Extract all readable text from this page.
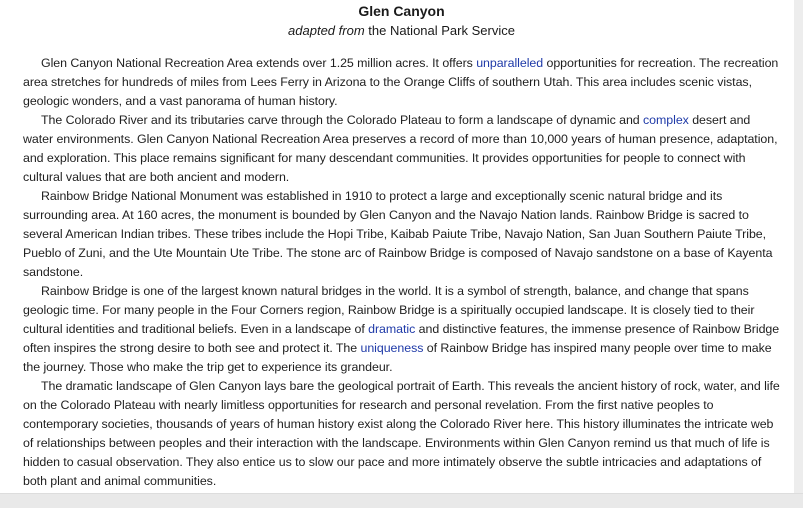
Glen Canyon

adapted from the National Park Service

Glen Canyon National Recreation Area extends over 1.25 million acres. It offers unparalleled opportunities for recreation. The recreation area stretches for hundreds of miles from Lees Ferry in Arizona to the Orange Cliffs of southern Utah. This area includes scenic vistas, geologic wonders, and a vast panorama of human history.

The Colorado River and its tributaries carve through the Colorado Plateau to form a landscape of dynamic and complex desert and water environments. Glen Canyon National Recreation Area preserves a record of more than 10,000 years of human presence, adaptation, and exploration. This place remains significant for many descendant communities. It provides opportunities for people to connect with cultural values that are both ancient and modern.

Rainbow Bridge National Monument was established in 1910 to protect a large and exceptionally scenic natural bridge and its surrounding area. At 160 acres, the monument is bounded by Glen Canyon and the Navajo Nation lands. Rainbow Bridge is sacred to several American Indian tribes. These tribes include the Hopi Tribe, Kaibab Paiute Tribe, Navajo Nation, San Juan Southern Paiute Tribe, Pueblo of Zuni, and the Ute Mountain Ute Tribe. The stone arc of Rainbow Bridge is composed of Navajo sandstone on a base of Kayenta sandstone.

Rainbow Bridge is one of the largest known natural bridges in the world. It is a symbol of strength, balance, and change that spans geologic time. For many people in the Four Corners region, Rainbow Bridge is a spiritually occupied landscape. It is closely tied to their cultural identities and traditional beliefs. Even in a landscape of dramatic and distinctive features, the immense presence of Rainbow Bridge often inspires the strong desire to both see and protect it. The uniqueness of Rainbow Bridge has inspired many people over time to make the journey. Those who make the trip get to experience its grandeur.

The dramatic landscape of Glen Canyon lays bare the geological portrait of Earth. This reveals the ancient history of rock, water, and life on the Colorado Plateau with nearly limitless opportunities for research and personal revelation. From the first native peoples to contemporary societies, thousands of years of human history exist along the Colorado River here. This history illuminates the intricate web of relationships between peoples and their interaction with the landscape. Environments within Glen Canyon remind us that much of life is hidden to casual observation. They also entice us to slow our pace and more intimately observe the subtle intricacies and adaptations of both plant and animal communities.
